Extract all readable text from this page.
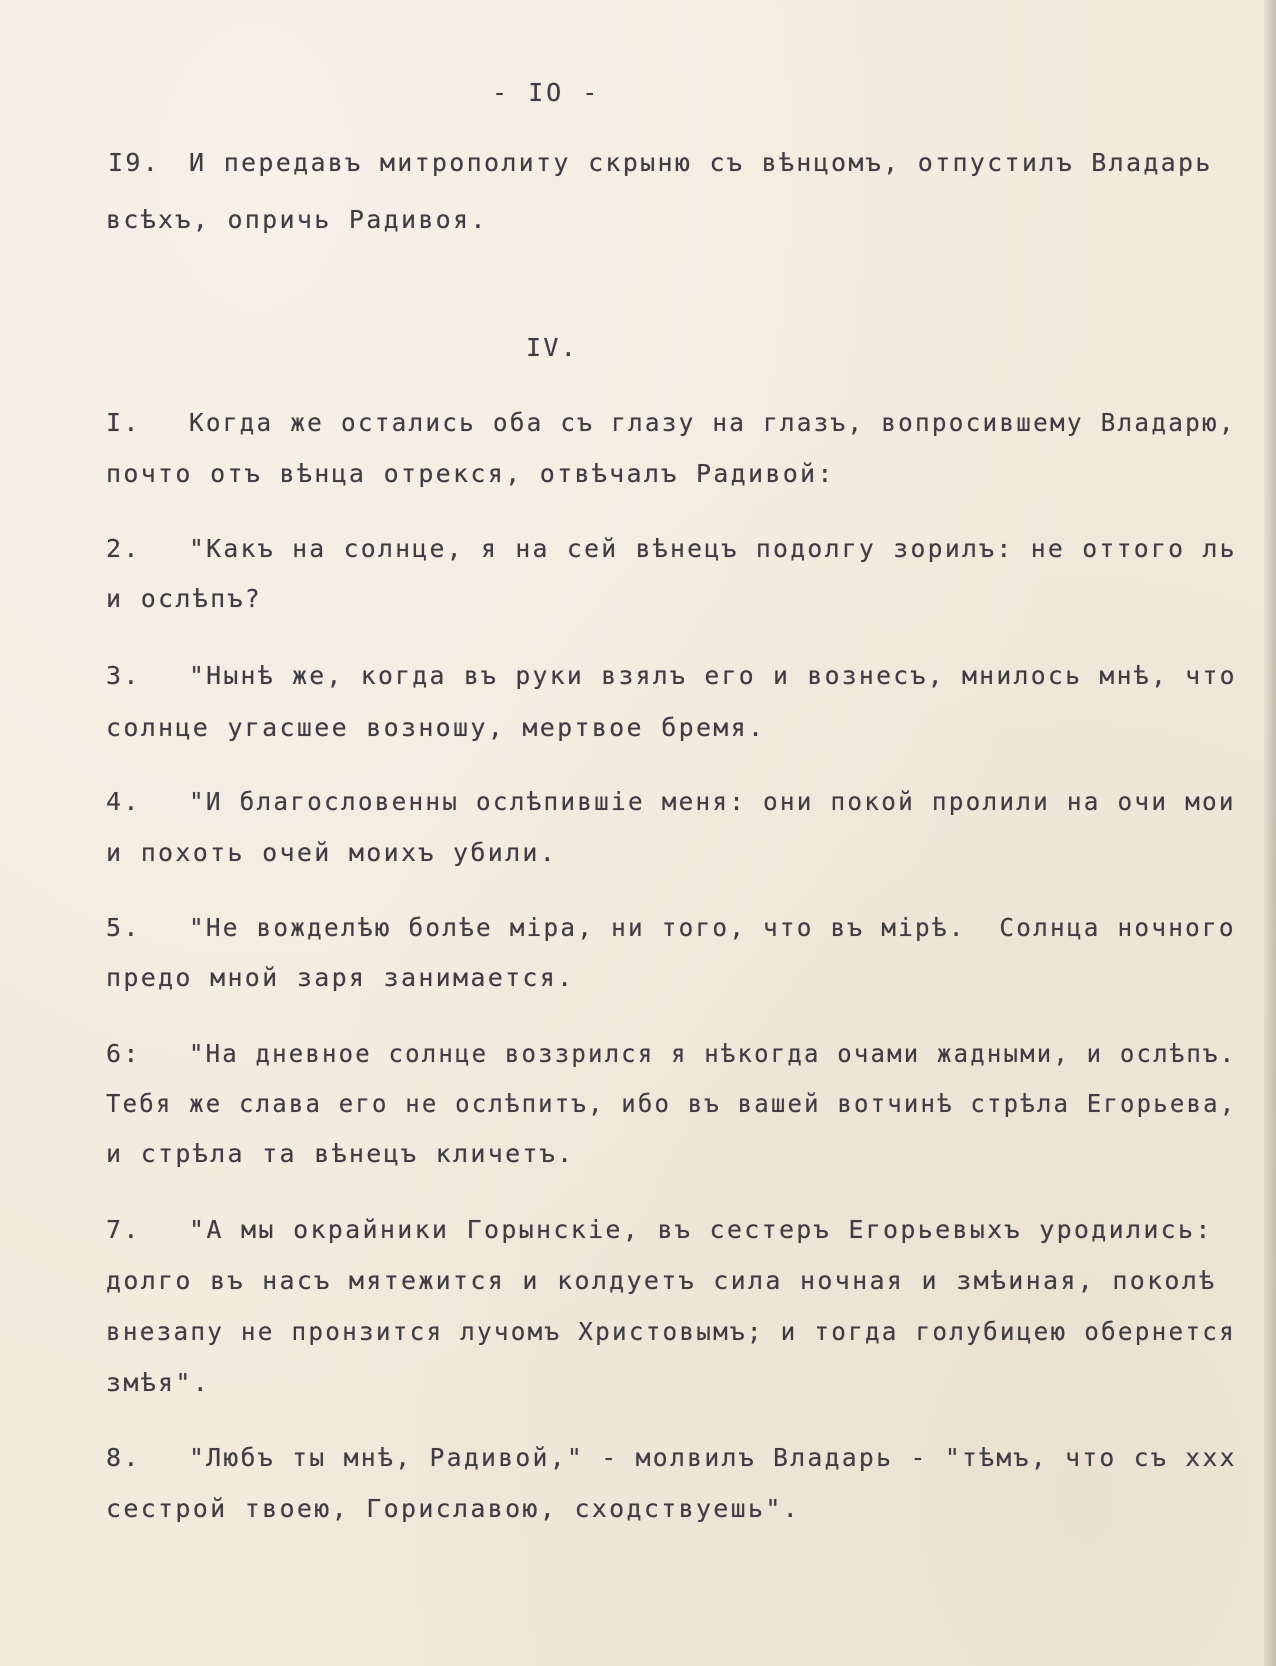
- IO -
I9. И передавъ митрополиту скрыню съ вѣнцомъ, отпустилъ Владарь
всѣхъ, опричь Радивоя.
IV.
I. Когда же остались оба съ глазу на глазъ, вопросившему Владарю,
почто отъ вѣнца отрекся, отвѣчалъ Радивой:
2. "Какъ на солнце, я на сей вѣнецъ подолгу зорилъ: не оттого ль
и ослѣпъ?
3. "Нынѣ же, когда въ руки взялъ его и вознесъ, мнилось мнѣ, что
солнце угасшее возношу, мертвое бремя.
4. "И благословенны ослѣпившіе меня: они покой пролили на очи мои
и похоть очей моихъ убили.
5. "Не вожделѣю болѣе міра, ни того, что въ мірѣ.  Солнца ночного
предо мной заря занимается.
6: "На дневное солнце воззрился я нѣкогда очами жадными, и ослѣпъ.
Тебя же слава его не ослѣпитъ, ибо въ вашей вотчинѣ стрѣла Егорьева,
и стрѣла та вѣнецъ кличетъ.
7. "А мы окрайники Горынскіе, въ сестеръ Егорьевыхъ уродились:
долго въ насъ мятежится и колдуетъ сила ночная и змѣиная, поколѣ
внезапу не пронзится лучомъ Христовымъ; и тогда голубицею обернется
змѣя".
8. "Любъ ты мнѣ, Радивой," - молвилъ Владарь - "тѣмъ, что съ ххх
сестрой твоею, Гориславою, сходствуешь".
